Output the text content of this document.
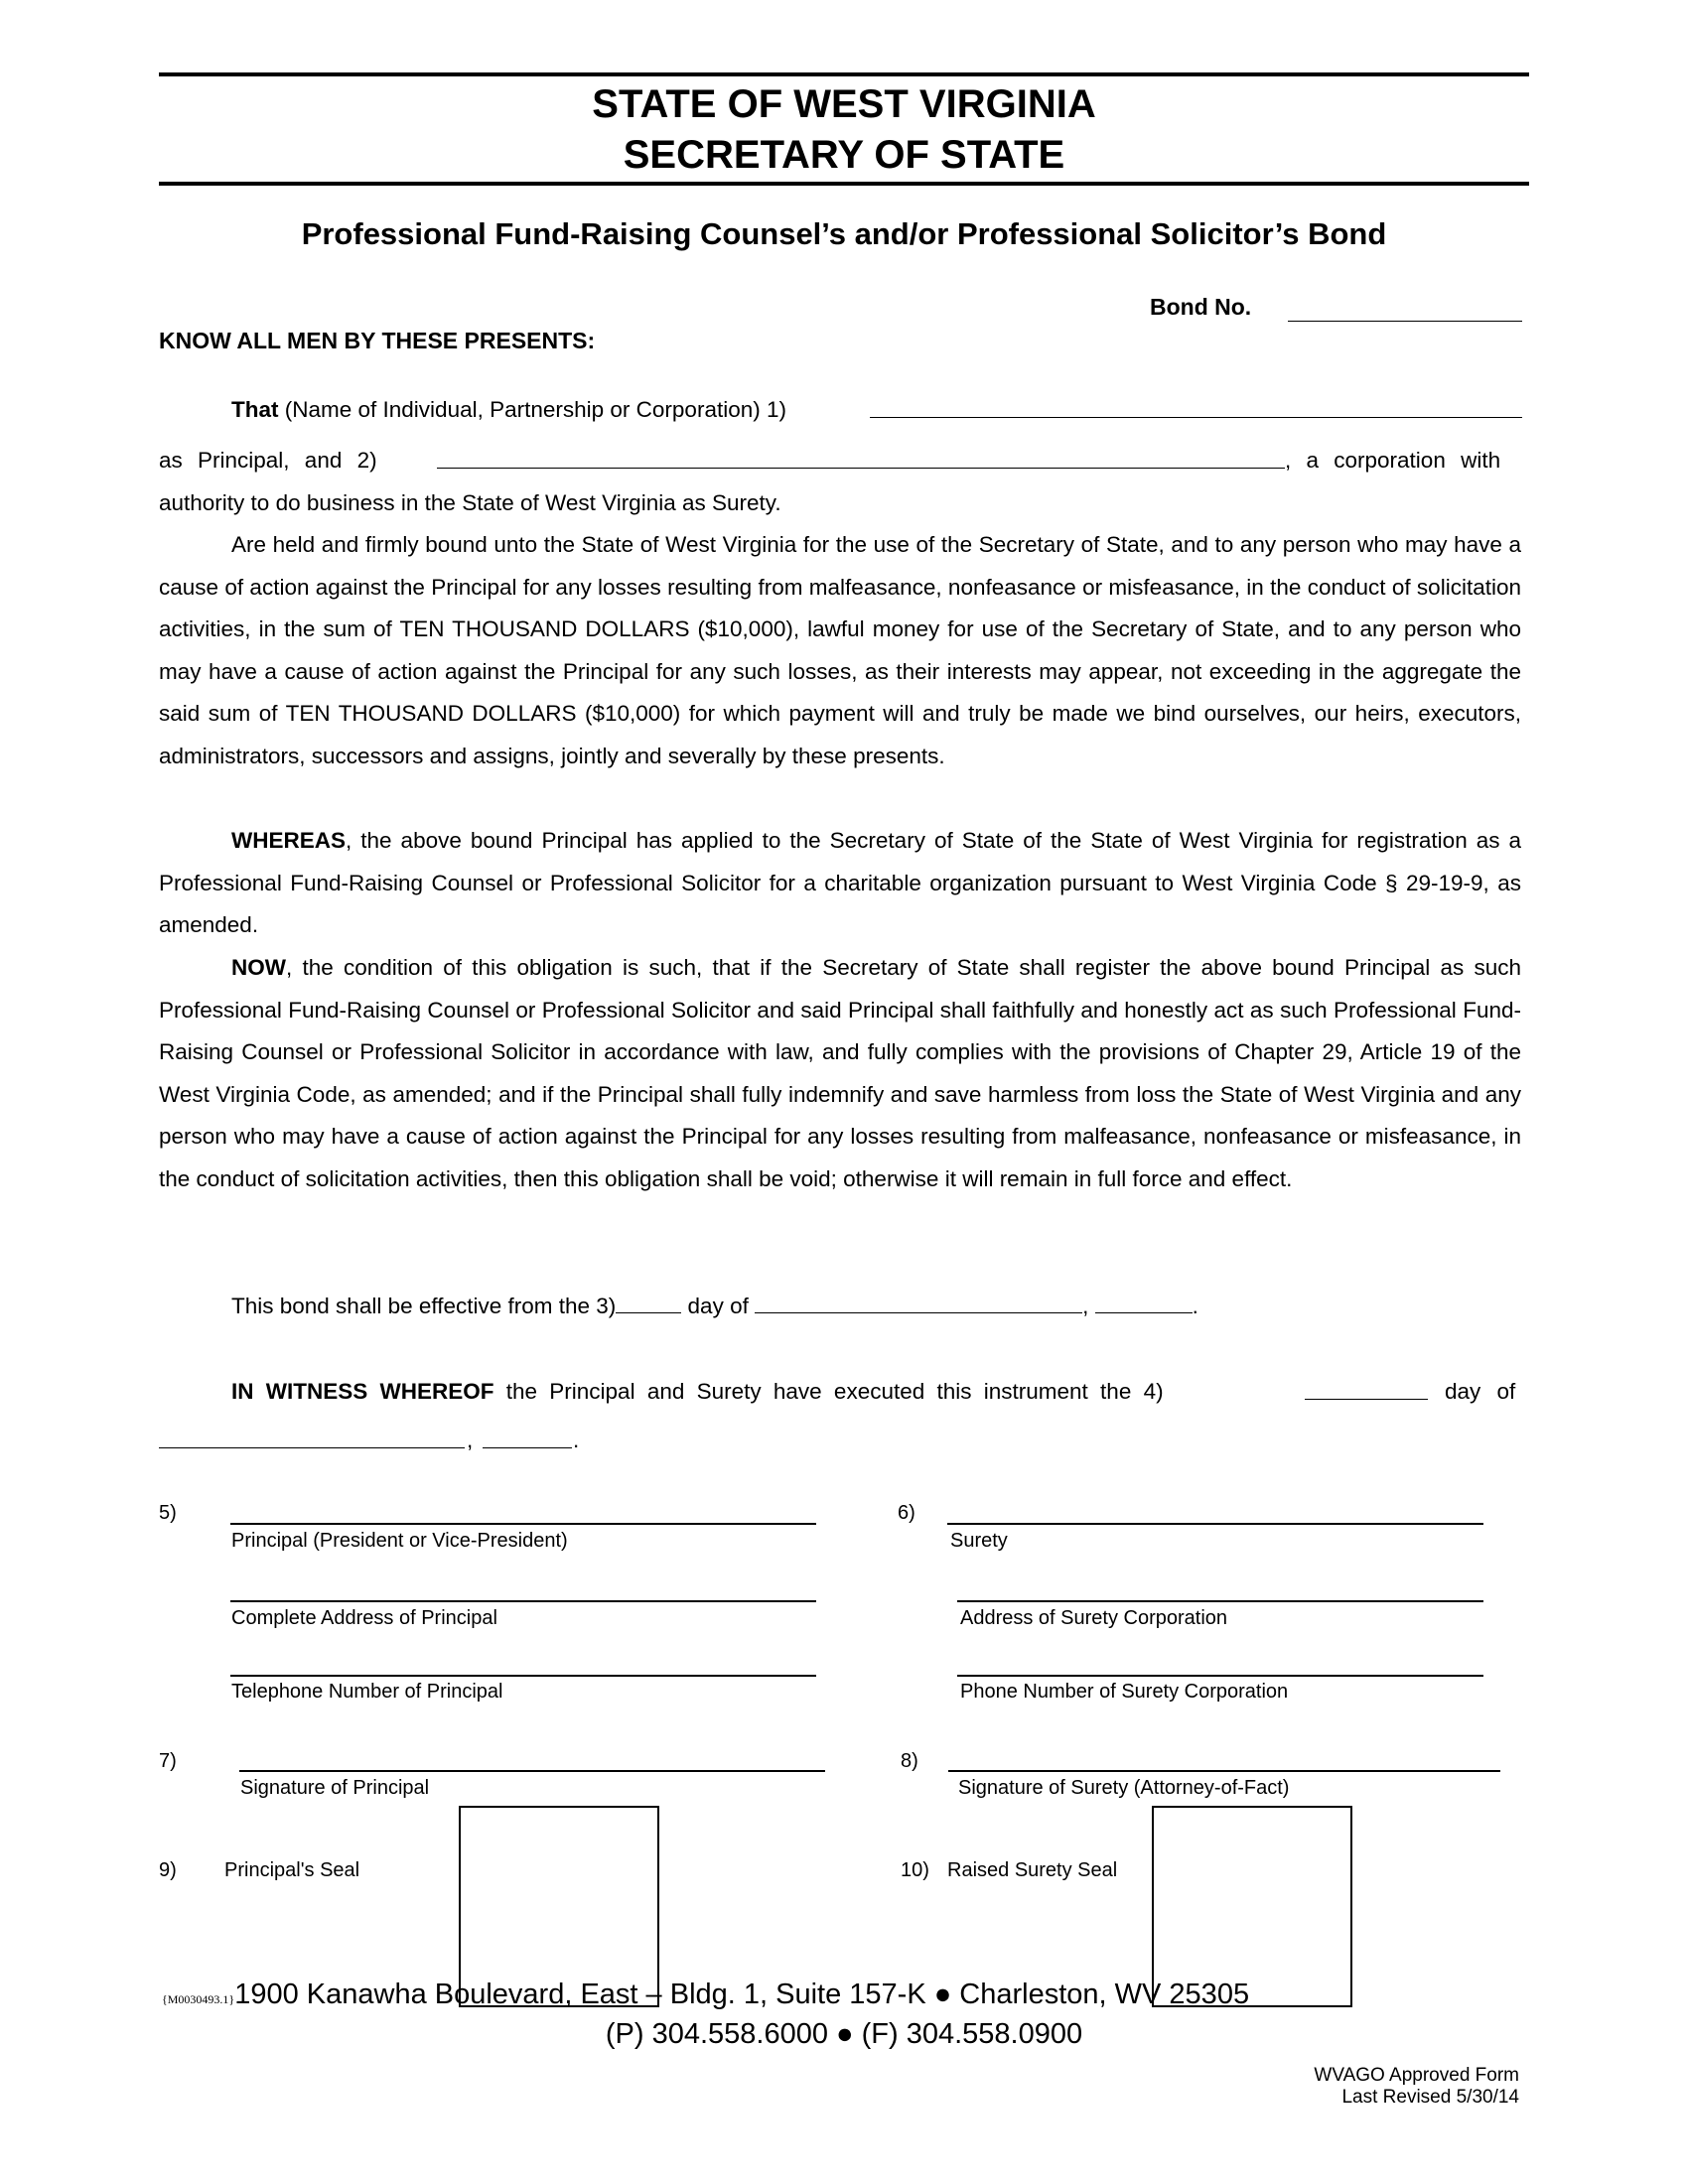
STATE OF WEST VIRGINIA
SECRETARY OF STATE
Professional Fund-Raising Counsel’s and/or Professional Solicitor’s Bond
Bond No.
KNOW ALL MEN BY THESE PRESENTS:
That (Name of Individual, Partnership or Corporation) 1)
as Principal, and 2)	, a corporation with
authority to do business in the State of West Virginia as Surety.

Are held and firmly bound unto the State of West Virginia for the use of the Secretary of State, and to any person who may have a cause of action against the Principal for any losses resulting from malfeasance, nonfeasance or misfeasance, in the conduct of solicitation activities, in the sum of TEN THOUSAND DOLLARS ($10,000), lawful money for use of the Secretary of State, and to any person who may have a cause of action against the Principal for any such losses, as their interests may appear, not exceeding in the aggregate the said sum of TEN THOUSAND DOLLARS ($10,000) for which payment will and truly be made we bind ourselves, our heirs, executors, administrators, successors and assigns, jointly and severally by these presents.

WHEREAS, the above bound Principal has applied to the Secretary of State of the State of West Virginia for registration as a Professional Fund-Raising Counsel or Professional Solicitor for a charitable organization pursuant to West Virginia Code § 29-19-9, as amended.

NOW, the condition of this obligation is such, that if the Secretary of State shall register the above bound Principal as such Professional Fund-Raising Counsel or Professional Solicitor and said Principal shall faithfully and honestly act as such Professional Fund-Raising Counsel or Professional Solicitor in accordance with law, and fully complies with the provisions of Chapter 29, Article 19 of the West Virginia Code, as amended; and if the Principal shall fully indemnify and save harmless from loss the State of West Virginia and any person who may have a cause of action against the Principal for any losses resulting from malfeasance, nonfeasance or misfeasance, in the conduct of solicitation activities, then this obligation shall be void; otherwise it will remain in full force and effect.

This bond shall be effective from the 3)	day of	,	.
IN WITNESS WHEREOF the Principal and Surety have executed this instrument the 4)	day of
,	.
5)
Principal (President or Vice-President)
Complete Address of Principal
Telephone Number of Principal
7)
Signature of Principal
9) Principal's Seal
6)
Surety
Address of Surety Corporation
Phone Number of Surety Corporation
8)
Signature of Surety (Attorney-of-Fact)
10) Raised Surety Seal
{M0030493.1}1900 Kanawha Boulevard, East – Bldg. 1, Suite 157-K ● Charleston, WV 25305
(P) 304.558.6000 ● (F) 304.558.0900
WVAGO Approved Form
Last Revised 5/30/14
